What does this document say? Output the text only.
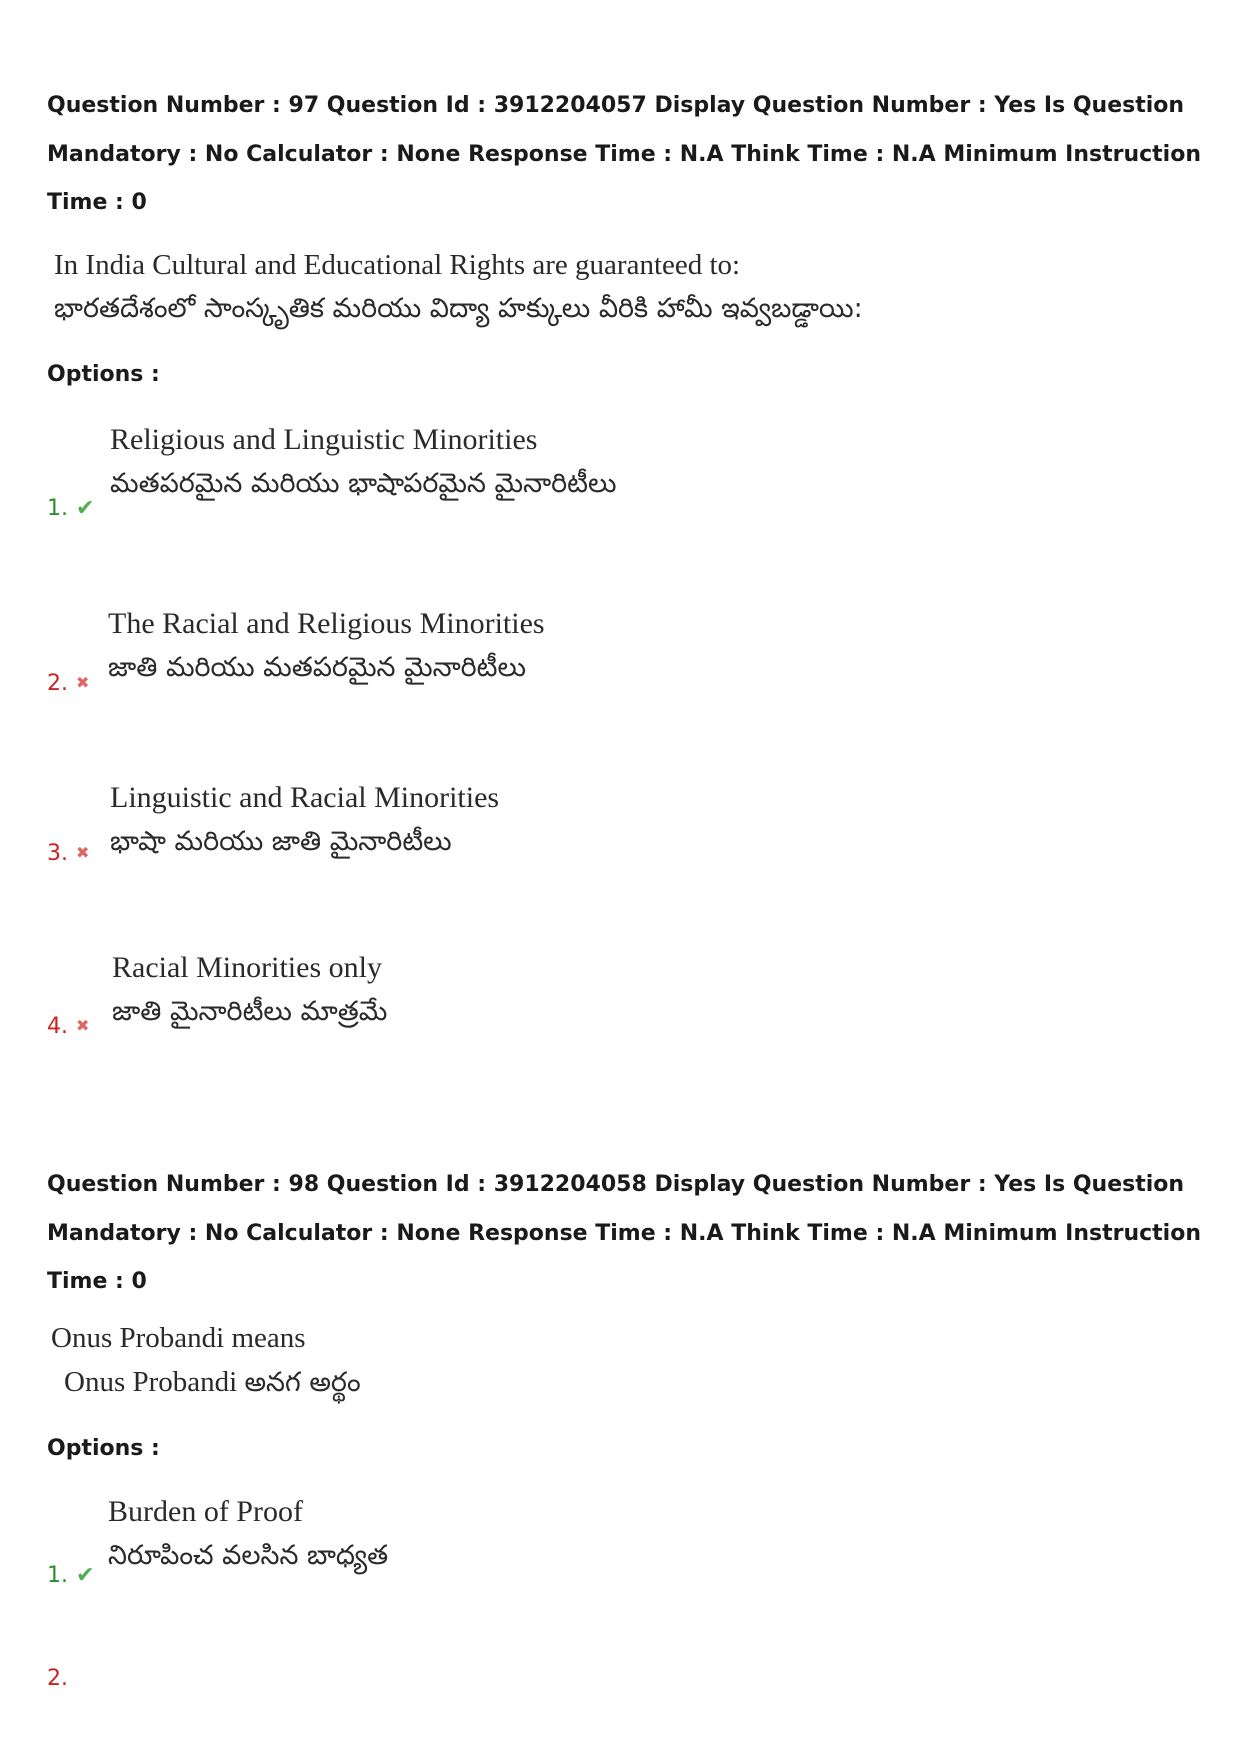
Question Number : 97 Question Id : 3912204057 Display Question Number : Yes Is Question
Mandatory : No Calculator : None Response Time : N.A Think Time : N.A Minimum Instruction
Time : 0
In India Cultural and Educational Rights are guaranteed to:
భారతదేశంలో సాంస్కృతిక మరియు విద్యా హక్కులు వీరికి హామీ ఇవ్వబడ్డాయి:
Options :
Religious and Linguistic Minorities
మతపరమైన మరియు భాషాపరమైన మైనారిటీలు
1. ✔
The Racial and Religious Minorities
జాతి మరియు మతపరమైన మైనారిటీలు
2. ✖
Linguistic and Racial Minorities
భాషా మరియు జాతి మైనారిటీలు
3. ✖
Racial Minorities only
జాతి మైనారిటీలు మాత్రమే
4. ✖
Question Number : 98 Question Id : 3912204058 Display Question Number : Yes Is Question
Mandatory : No Calculator : None Response Time : N.A Think Time : N.A Minimum Instruction
Time : 0
Onus Probandi means
Onus Probandi అనగ అర్థం
Options :
Burden of Proof
నిరూపించ వలసిన బాధ్యత
1. ✔
2.
